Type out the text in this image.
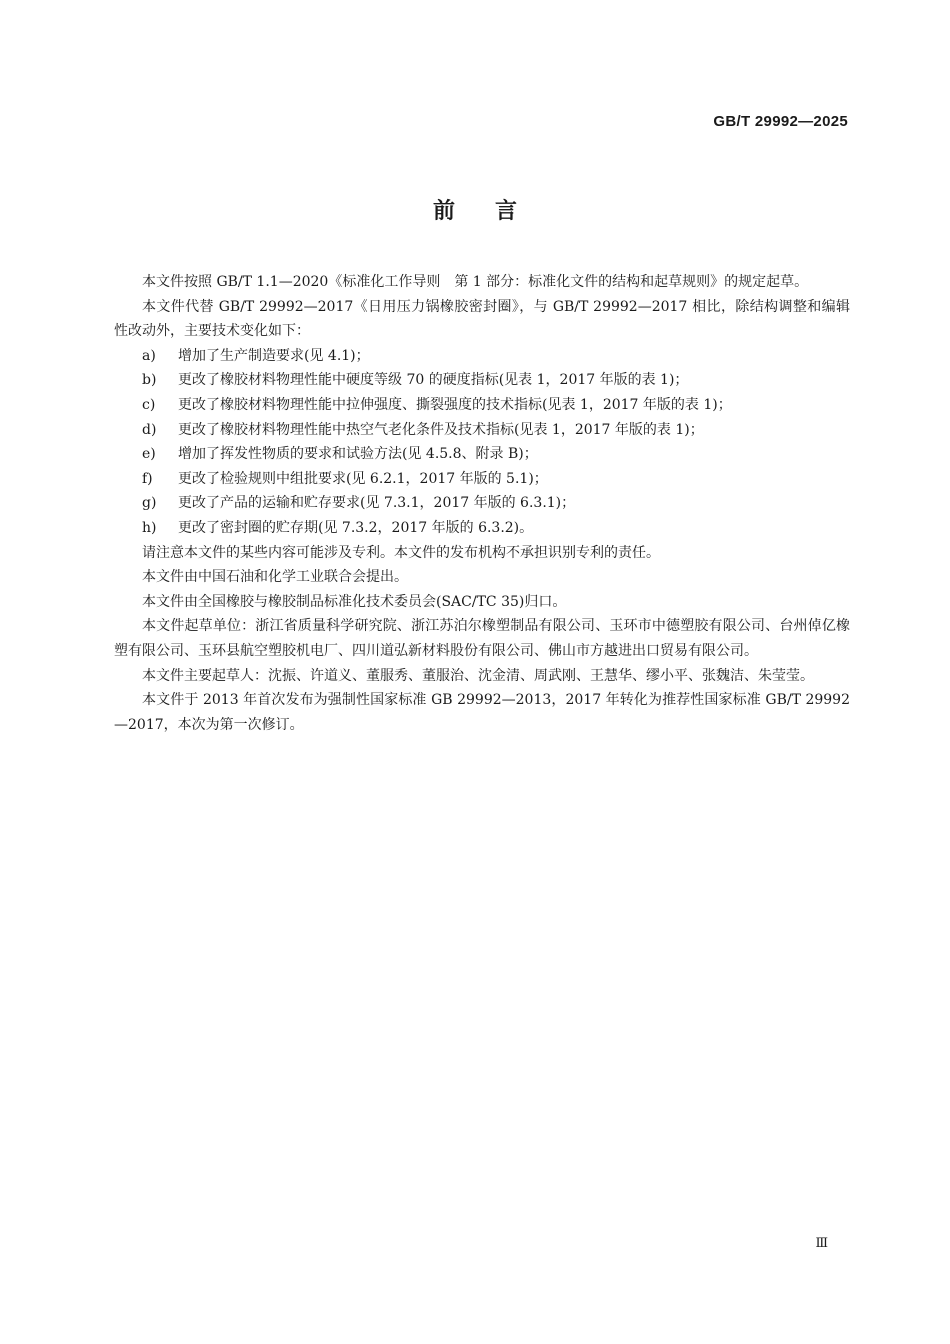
GB/T 29992—2025
前言

本文件按照 GB/T 1.1—2020《标准化工作导则　第 1 部分：标准化文件的结构和起草规则》的规定起草。

本文件代替 GB/T 29992—2017《日用压力锅橡胶密封圈》，与 GB/T 29992—2017 相比，除结构调整和编辑性改动外，主要技术变化如下：

a)	增加了生产制造要求(见 4.1)；
b)	更改了橡胶材料物理性能中硬度等级 70 的硬度指标(见表 1，2017 年版的表 1)；
c)	更改了橡胶材料物理性能中拉伸强度、撕裂强度的技术指标(见表 1，2017 年版的表 1)；
d)	更改了橡胶材料物理性能中热空气老化条件及技术指标(见表 1，2017 年版的表 1)；
e)	增加了挥发性物质的要求和试验方法(见 4.5.8、附录 B)；
f)	更改了检验规则中组批要求(见 6.2.1，2017 年版的 5.1)；
g)	更改了产品的运输和贮存要求(见 7.3.1，2017 年版的 6.3.1)；
h)	更改了密封圈的贮存期(见 7.3.2，2017 年版的 6.3.2)。

请注意本文件的某些内容可能涉及专利。本文件的发布机构不承担识别专利的责任。

本文件由中国石油和化学工业联合会提出。

本文件由全国橡胶与橡胶制品标准化技术委员会(SAC/TC 35)归口。

本文件起草单位：浙江省质量科学研究院、浙江苏泊尔橡塑制品有限公司、玉环市中德塑胶有限公司、台州倬亿橡塑有限公司、玉环县航空塑胶机电厂、四川道弘新材料股份有限公司、佛山市方越进出口贸易有限公司。

本文件主要起草人：沈振、许道义、董服秀、董服治、沈金清、周武刚、王慧华、缪小平、张魏洁、朱莹莹。

本文件于 2013 年首次发布为强制性国家标准 GB 29992—2013，2017 年转化为推荐性国家标准 GB/T 29992—2017，本次为第一次修订。

Ⅲ
